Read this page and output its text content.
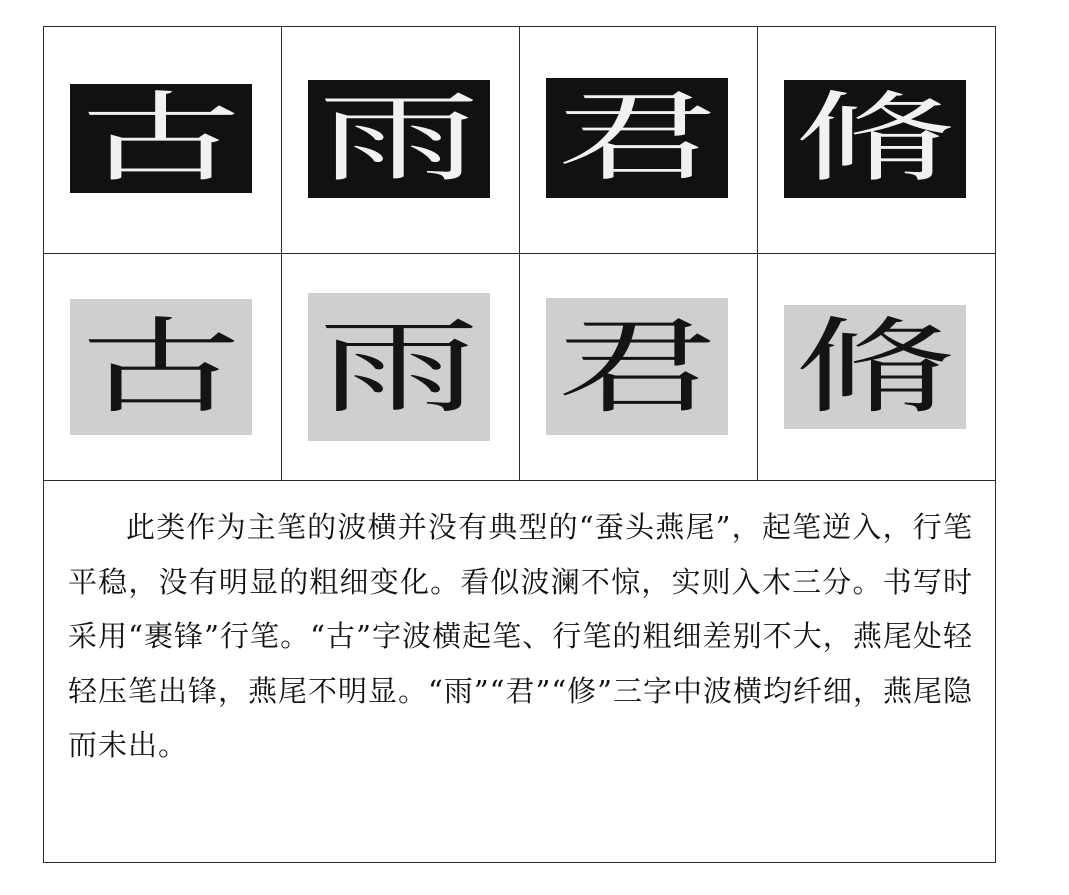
古 雨 君 脩
古 雨 君 脩

此类作为主笔的波横并没有典型的“蚕头燕尾”，起笔逆入，行笔平稳，没有明显的粗细变化。看似波澜不惊，实则入木三分。书写时采用“裹锋”行笔。“古”字波横起笔、行笔的粗细差别不大，燕尾处轻轻压笔出锋，燕尾不明显。“雨”“君”“修”三字中波横均纤细，燕尾隐而未出。
